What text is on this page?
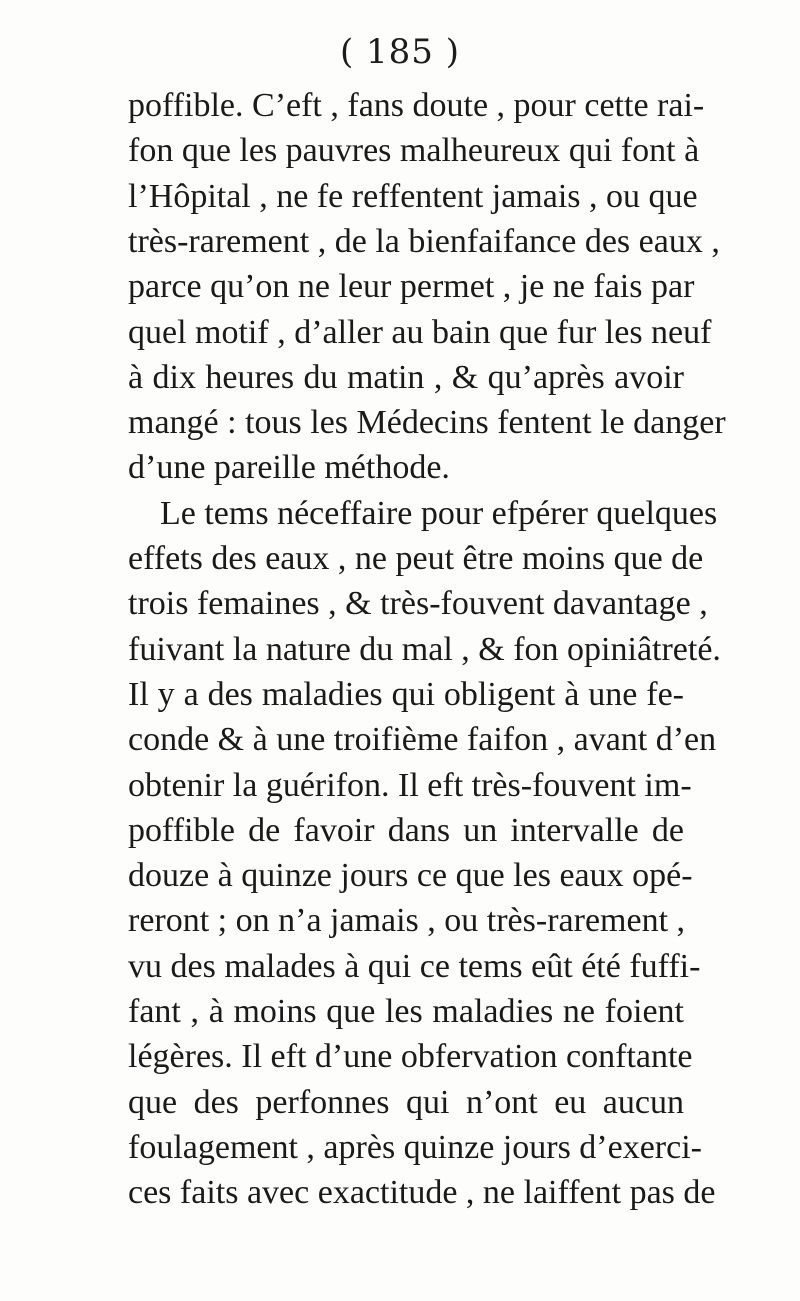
( 185 )
poffible. C’eft , fans doute , pour cette rai-
fon que les pauvres malheureux qui font à
l’Hôpital , ne fe reffentent jamais , ou que
très-rarement , de la bienfaifance des eaux ,
parce qu’on ne leur permet , je ne fais par
quel motif , d’aller au bain que fur les neuf
à dix heures du matin , & qu’après avoir
mangé : tous les Médecins fentent le danger
d’une pareille méthode.
Le tems néceffaire pour efpérer quelques
effets des eaux , ne peut être moins que de
trois femaines , & très-fouvent davantage ,
fuivant la nature du mal , & fon opiniâtreté.
Il y a des maladies qui obligent à une fe-
conde & à une troifième faifon , avant d’en
obtenir la guérifon. Il eft très-fouvent im-
poffible de favoir dans un intervalle de
douze à quinze jours ce que les eaux opé-
reront ; on n’a jamais , ou très-rarement ,
vu des malades à qui ce tems eût été fuffi-
fant , à moins que les maladies ne foient
légères. Il eft d’une obfervation conftante
que des perfonnes qui n’ont eu aucun
foulagement , après quinze jours d’exerci-
ces faits avec exactitude , ne laiffent pas de
